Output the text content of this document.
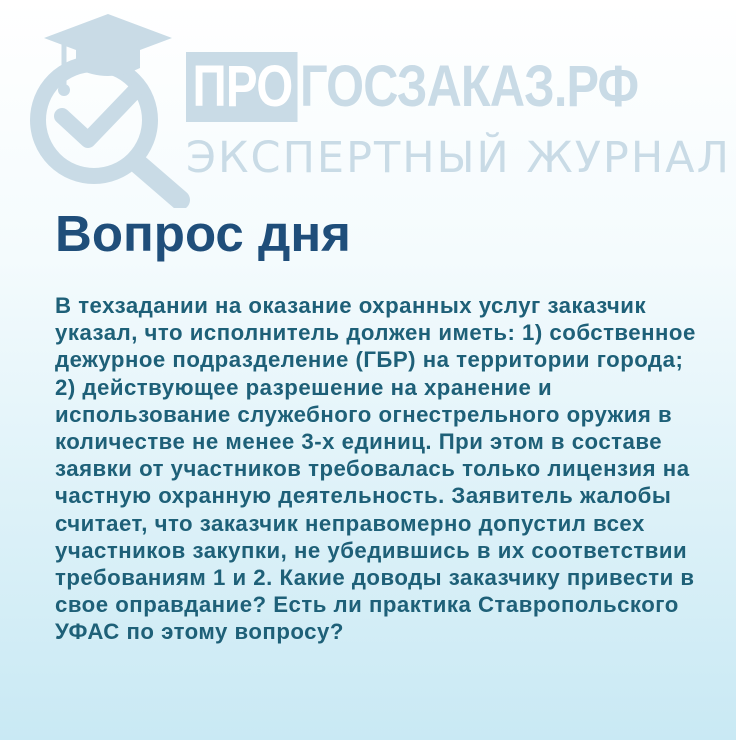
ПРО ГОСЗАКАЗ.РФ
ЭКСПЕРТНЫЙ ЖУРНАЛ
Вопрос дня

В техзадании на оказание охранных услуг заказчик указал, что исполнитель должен иметь: 1) собственное дежурное подразделение (ГБР) на территории города; 2) действующее разрешение на хранение и использование служебного огнестрельного оружия в количестве не менее 3-х единиц. При этом в составе заявки от участников требовалась только лицензия на частную охранную деятельность. Заявитель жалобы считает, что заказчик неправомерно допустил всех участников закупки, не убедившись в их соответствии требованиям 1 и 2. Какие доводы заказчику привести в свое оправдание? Есть ли практика Ставропольского УФАС по этому вопросу?
